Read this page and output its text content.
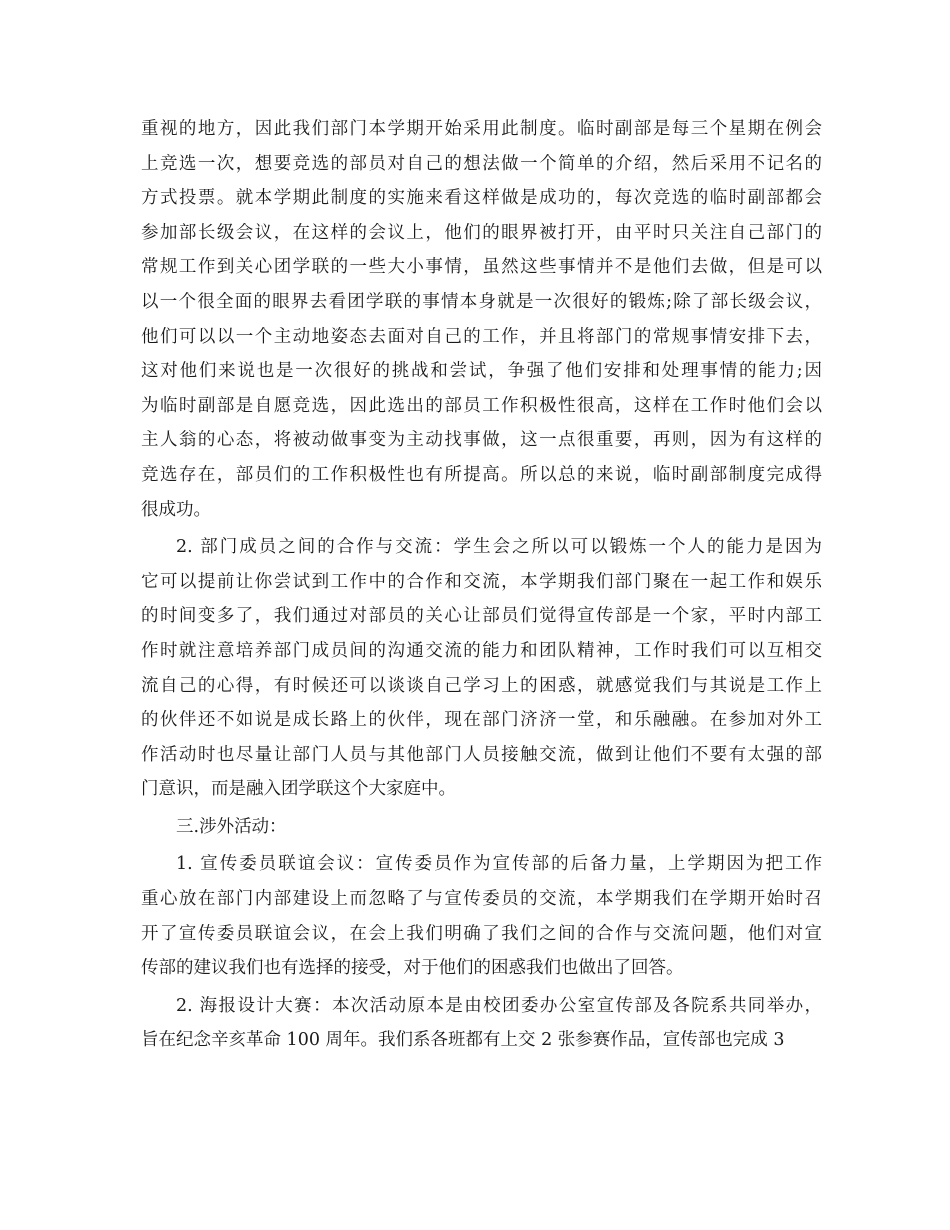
重视的地方，因此我们部门本学期开始采用此制度。临时副部是每三个星期在例会
上竞选一次，想要竞选的部员对自己的想法做一个简单的介绍，然后采用不记名的
方式投票。就本学期此制度的实施来看这样做是成功的，每次竞选的临时副部都会
参加部长级会议，在这样的会议上，他们的眼界被打开，由平时只关注自己部门的
常规工作到关心团学联的一些大小事情，虽然这些事情并不是他们去做，但是可以
以一个很全面的眼界去看团学联的事情本身就是一次很好的锻炼;除了部长级会议，
他们可以以一个主动地姿态去面对自己的工作，并且将部门的常规事情安排下去，
这对他们来说也是一次很好的挑战和尝试，争强了他们安排和处理事情的能力;因
为临时副部是自愿竞选，因此选出的部员工作积极性很高，这样在工作时他们会以
主人翁的心态，将被动做事变为主动找事做，这一点很重要，再则，因为有这样的
竞选存在，部员们的工作积极性也有所提高。所以总的来说，临时副部制度完成得
很成功。
2. 部门成员之间的合作与交流：学生会之所以可以锻炼一个人的能力是因为
它可以提前让你尝试到工作中的合作和交流，本学期我们部门聚在一起工作和娱乐
的时间变多了，我们通过对部员的关心让部员们觉得宣传部是一个家，平时内部工
作时就注意培养部门成员间的沟通交流的能力和团队精神，工作时我们可以互相交
流自己的心得，有时候还可以谈谈自己学习上的困惑，就感觉我们与其说是工作上
的伙伴还不如说是成长路上的伙伴，现在部门济济一堂，和乐融融。在参加对外工
作活动时也尽量让部门人员与其他部门人员接触交流，做到让他们不要有太强的部
门意识，而是融入团学联这个大家庭中。
三.涉外活动：
1. 宣传委员联谊会议：宣传委员作为宣传部的后备力量，上学期因为把工作
重心放在部门内部建设上而忽略了与宣传委员的交流，本学期我们在学期开始时召
开了宣传委员联谊会议，在会上我们明确了我们之间的合作与交流问题，他们对宣
传部的建议我们也有选择的接受，对于他们的困惑我们也做出了回答。
2. 海报设计大赛：本次活动原本是由校团委办公室宣传部及各院系共同举办，
旨在纪念辛亥革命 100 周年。我们系各班都有上交 2 张参赛作品，宣传部也完成 3
